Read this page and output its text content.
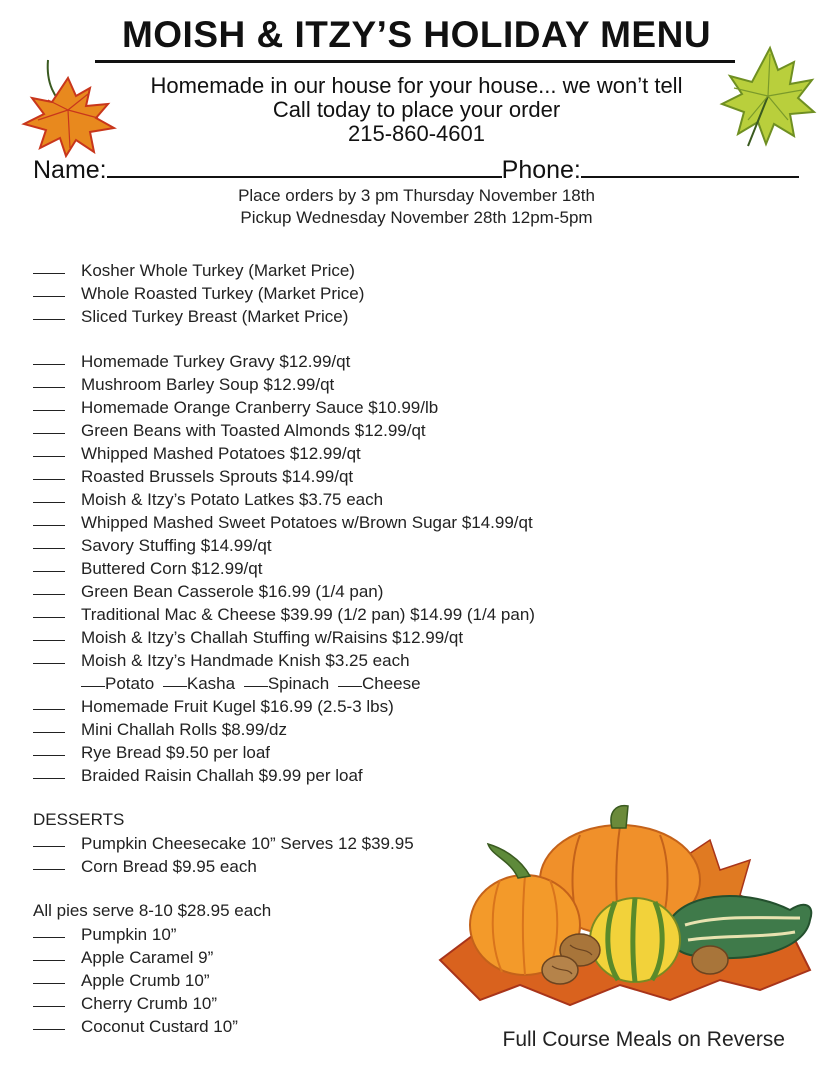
MOISH & ITZY’S HOLIDAY MENU
Homemade in our house for your house... we won’t tell
Call today to place your order
215-860-4601
Name:	Phone:
Place orders by 3 pm Thursday November 18th
Pickup Wednesday November 28th 12pm-5pm
Kosher Whole Turkey (Market Price)
Whole Roasted Turkey (Market Price)
Sliced Turkey Breast (Market Price)
Homemade Turkey Gravy $12.99/qt
Mushroom Barley Soup $12.99/qt
Homemade Orange Cranberry Sauce $10.99/lb
Green Beans with Toasted Almonds $12.99/qt
Whipped Mashed Potatoes $12.99/qt
Roasted Brussels Sprouts $14.99/qt
Moish & Itzy’s Potato Latkes $3.75 each
Whipped Mashed Sweet Potatoes w/Brown Sugar $14.99/qt
Savory Stuffing $14.99/qt
Buttered Corn $12.99/qt
Green Bean Casserole $16.99 (1/4 pan)
Traditional Mac & Cheese $39.99 (1/2 pan) $14.99 (1/4 pan)
Moish & Itzy’s Challah Stuffing w/Raisins $12.99/qt
Moish & Itzy’s Handmade Knish $3.25 each
Potato Kasha Spinach Cheese
Homemade Fruit Kugel $16.99 (2.5-3 lbs)
Mini Challah Rolls $8.99/dz
Rye Bread $9.50 per loaf
Braided Raisin Challah $9.99 per loaf
DESSERTS
Pumpkin Cheesecake 10” Serves 12 $39.95
Corn Bread $9.95 each
All pies serve 8-10 $28.95 each
Pumpkin 10”
Apple Caramel 9”
Apple Crumb 10”
Cherry Crumb 10”
Coconut Custard 10”
Full Course Meals on Reverse
